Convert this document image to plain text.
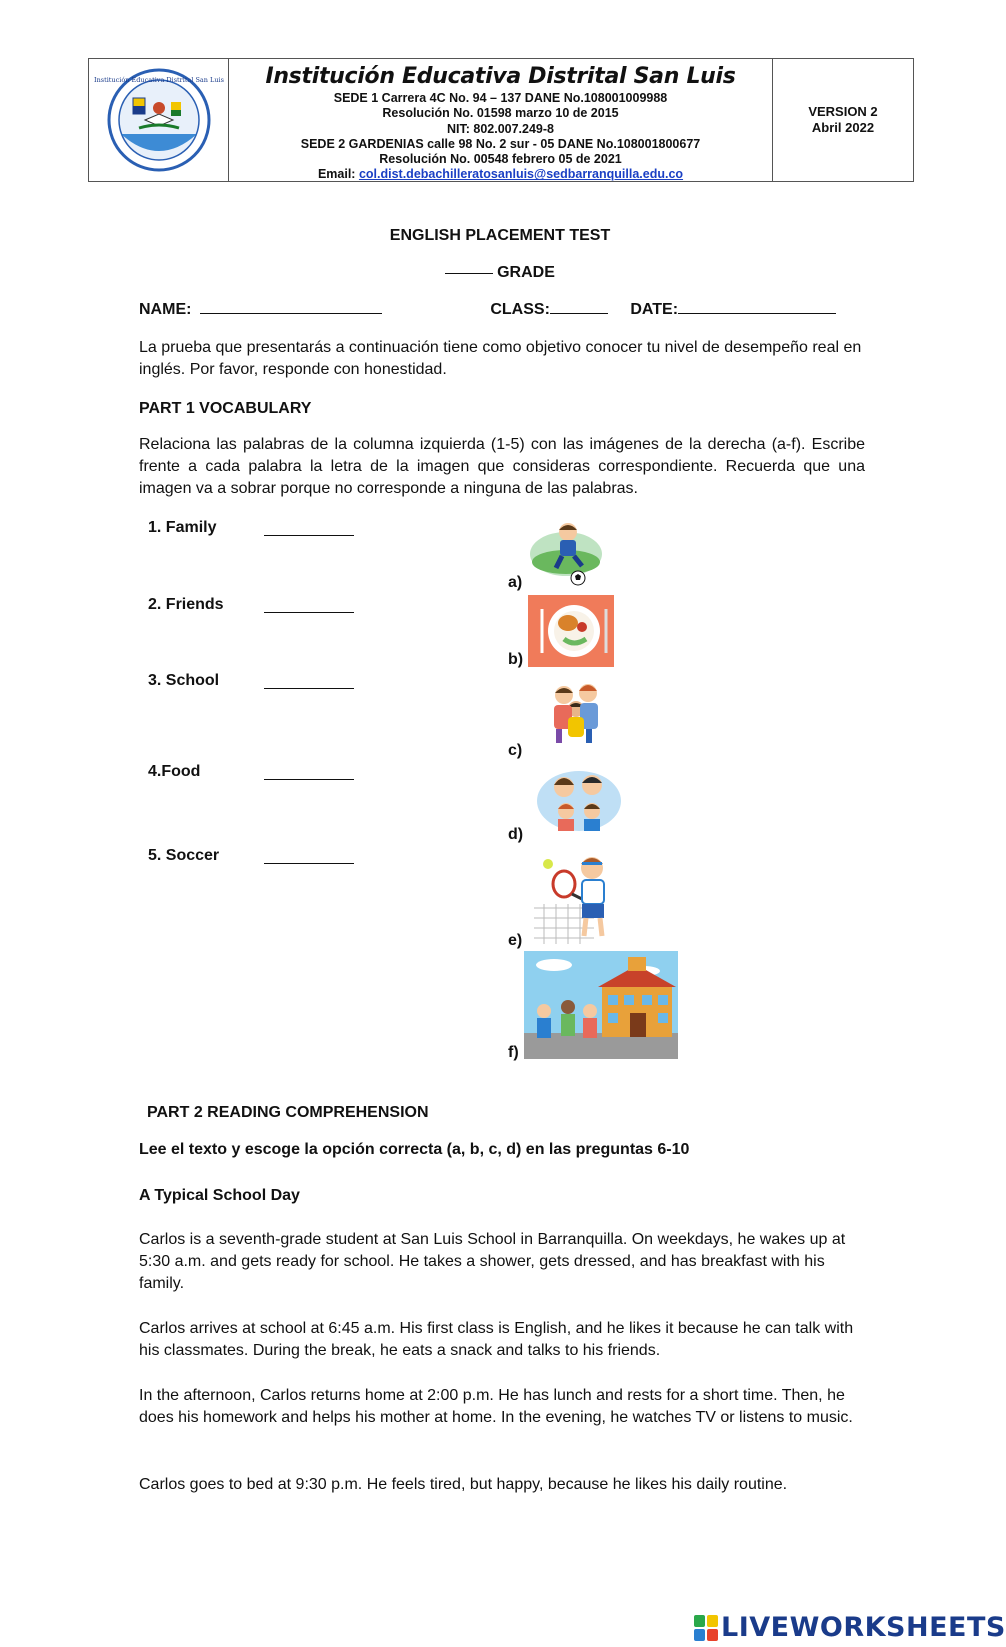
Institución Educativa Distrital San Luis	Institución Educativa Distrital San Luis
SEDE 1 Carrera 4C No. 94 – 137 DANE No.108001009988
Resolución No. 01598 marzo 10 de 2015
NIT: 802.007.249-8
SEDE 2 GARDENIAS calle 98 No. 2 sur - 05 DANE No.108001800677
Resolución No. 00548 febrero 05 de 2021
Email: col.dist.debachilleratosanluis@sedbarranquilla.edu.co
VERSION 2
Abril 2022
ENGLISH PLACEMENT TEST
GRADE
NAME:	CLASS:	DATE:
La prueba que presentarás a continuación tiene como objetivo conocer tu nivel de desempeño real en inglés. Por favor, responde con honestidad.
PART 1 VOCABULARY
Relaciona las palabras de la columna izquierda (1-5) con las imágenes de la derecha (a-f). Escribe frente a cada palabra la letra de la imagen que consideras correspondiente. Recuerda que una imagen va a sobrar porque no corresponde a ninguna de las palabras.
1. Family
2. Friends
3. School
4.Food
5. Soccer
a)
b)
c)
d)
e)
f)
PART 2 READING COMPREHENSION
Lee el texto y escoge la opción correcta (a, b, c, d) en las preguntas 6-10
A Typical School Day
Carlos is a seventh-grade student at San Luis School in Barranquilla. On weekdays, he wakes up at 5:30 a.m. and gets ready for school. He takes a shower, gets dressed, and has breakfast with his family.
Carlos arrives at school at 6:45 a.m. His first class is English, and he likes it because he can talk with his classmates. During the break, he eats a snack and talks to his friends.
In the afternoon, Carlos returns home at 2:00 p.m. He has lunch and rests for a short time. Then, he does his homework and helps his mother at home. In the evening, he watches TV or listens to music.
Carlos goes to bed at 9:30 p.m. He feels tired, but happy, because he likes his daily routine.
LIVEWORKSHEETS
